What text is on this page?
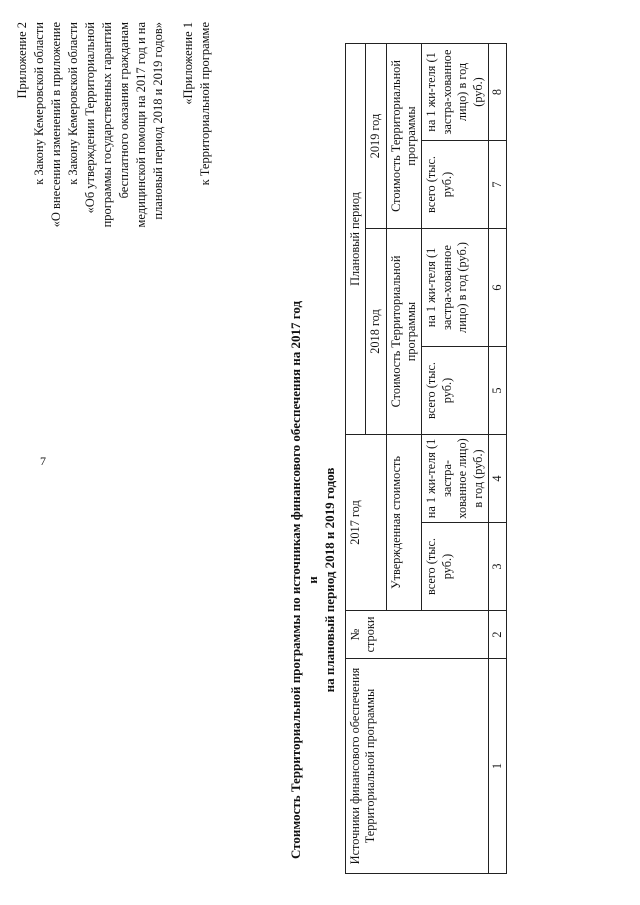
7
Приложение 2 к Закону Кемеровской области «О внесении изменений в приложение к Закону Кемеровской области «Об утверждении Территориальной программы государственных гарантий бесплатного оказания гражданам медицинской помощи на 2017 год и на плановый период 2018 и 2019 годов» «Приложение 1 к Территориальной программе
Стоимость Территориальной программы по источникам финансового обеспечения на 2017 год и на плановый период 2018 и 2019 годов
Источники финансового обеспечения Территориальной программы	№ строки	2017 год		Плановый период			
				2018 год		2019 год	
		Утвержденная стоимость		Стоимость Территориальной программы		Стоимость Территориальной программы	
		всего (тыс. руб.)	на 1 жи-теля (1 застра-хованное лицо) в год (руб.)	всего (тыс. руб.)	на 1 жи-теля (1 застра-хованное лицо) в год (руб.)	всего (тыс. руб.)	на 1 жи-теля (1 застра-хованное лицо) в год (руб.)
1	2	3	4	5	6	7	8
